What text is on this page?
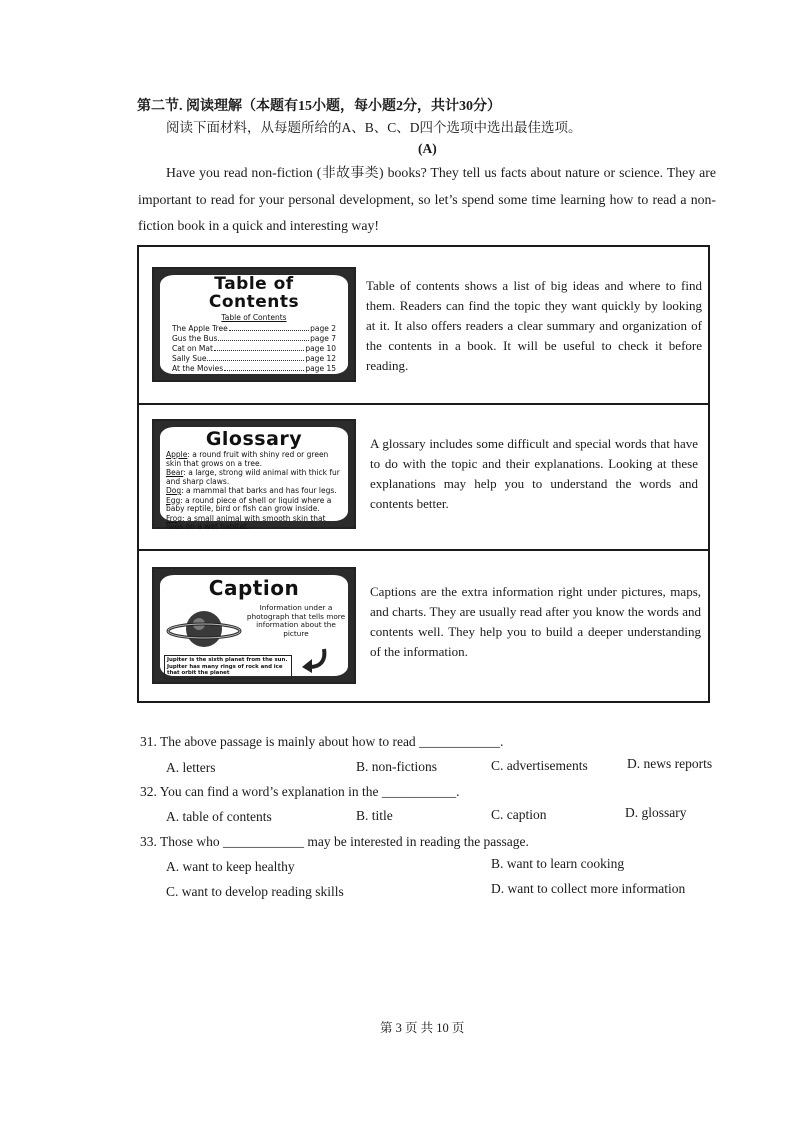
第二节. 阅读理解（本题有15小题，每小题2分，共计30分）
阅读下面材料，从每题所给的A、B、C、D四个选项中选出最佳选项。
(A)
Have you read non-fiction (非故事类) books? They tell us facts about nature or science. They are important to read for your personal development, so let’s spend some time learning how to read a non-fiction book in a quick and interesting way!
Table of
Contents
Table of Contents
The Apple Tree	page 2
Gus the Bus	page 7
Cat on Mat	page 10
Sally Sue	page 12
At the Movies	page 15
Table of contents shows a list of big ideas and where to find them. Readers can find the topic they want quickly by looking at it. It also offers readers a clear summary and organization of the contents in a book. It will be useful to check it before reading.
Glossary
Apple: a round fruit with shiny red or green skin that grows on a tree.
Bear: a large, strong wild animal with thick fur and sharp claws.
Dog: a mammal that barks and has four legs.
Egg: a round piece of shell or liquid where a baby reptile, bird or fish can grow inside.
Frog: a small animal with smooth skin that lives on a wet habitat.
A glossary includes some difficult and special words that have to do with the topic and their explanations. Looking at these explanations may help you to understand the words and contents better.
Caption
Information under a photograph that tells more information about the picture
Jupiter is the sixth planet from the sun. Jupiter has many rings of rock and ice that orbit the planet
Captions are the extra information right under pictures, maps, and charts. They are usually read after you know the words and contents well. They help you to build a deeper understanding of the information.
31. The above passage is mainly about how to read ____________.
A. letters	B. non-fictions	C. advertisements	D. news reports
32. You can find a word’s explanation in the ___________.
A. table of contents	B. title	C. caption	D. glossary
33. Those who ____________ may be interested in reading the passage.
A. want to keep healthy	B. want to learn cooking
C. want to develop reading skills	D. want to collect more information
第 3 页 共 10 页
